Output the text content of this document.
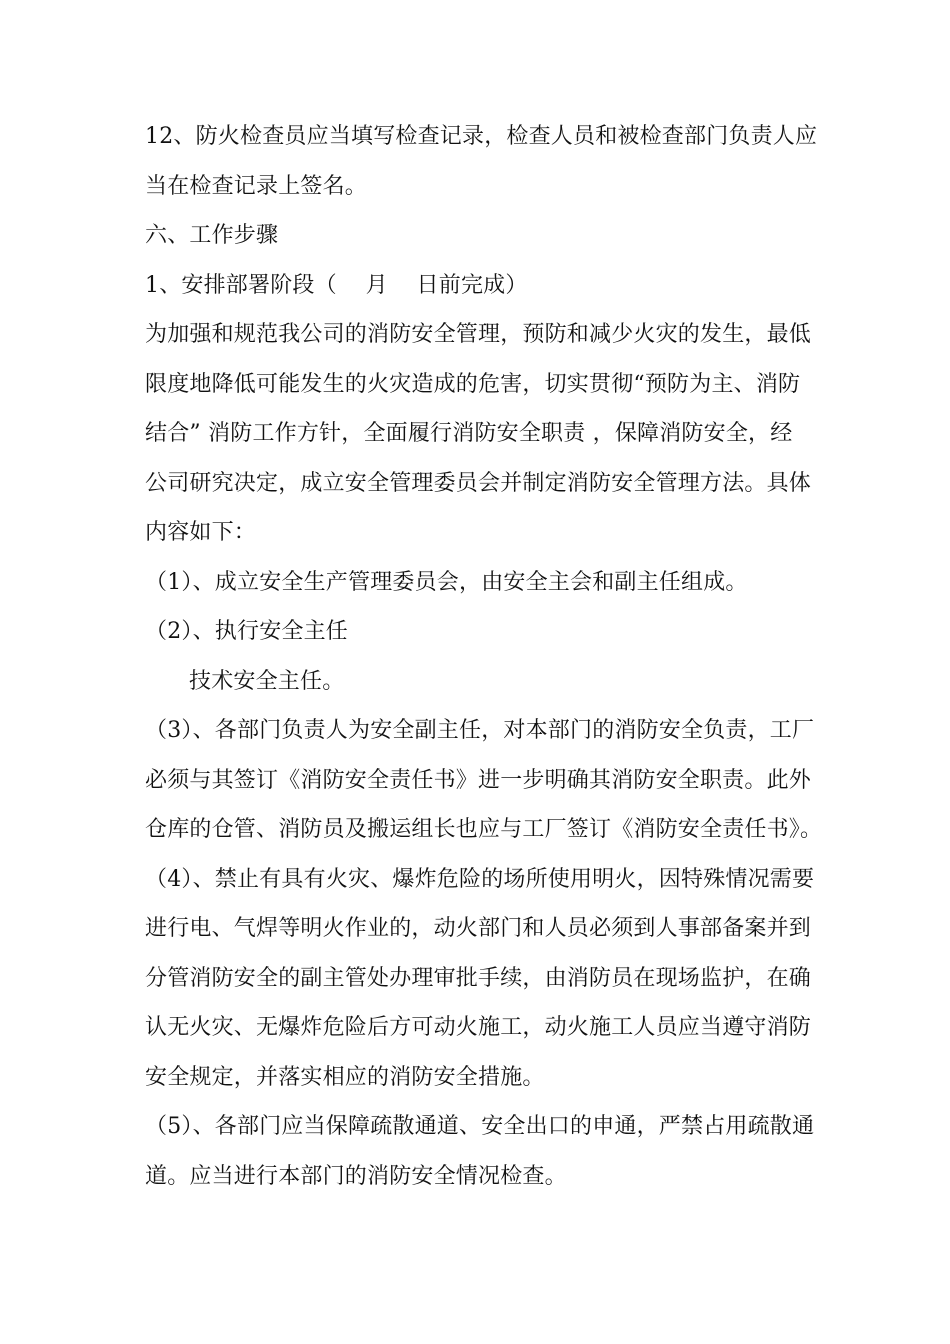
12、防火检查员应当填写检查记录，检查人员和被检查部门负责人应
当在检查记录上签名。
六、工作步骤
1、安排部署阶段（    月    日前完成）
为加强和规范我公司的消防安全管理，预防和减少火灾的发生，最低
限度地降低可能发生的火灾造成的危害，切实贯彻“预防为主、消防
结合” 消防工作方针，全面履行消防安全职责 ，保障消防安全，经
公司研究决定，成立安全管理委员会并制定消防安全管理方法。具体
内容如下：
（1）、成立安全生产管理委员会，由安全主会和副主任组成。
（2）、执行安全主任
技术安全主任。
（3）、各部门负责人为安全副主任，对本部门的消防安全负责，工厂
必须与其签订《消防安全责任书》进一步明确其消防安全职责。此外
仓库的仓管、消防员及搬运组长也应与工厂签订《消防安全责任书》。
（4）、禁止有具有火灾、爆炸危险的场所使用明火，因特殊情况需要
进行电、气焊等明火作业的，动火部门和人员必须到人事部备案并到
分管消防安全的副主管处办理审批手续，由消防员在现场监护，在确
认无火灾、无爆炸危险后方可动火施工，动火施工人员应当遵守消防
安全规定，并落实相应的消防安全措施。
（5）、各部门应当保障疏散通道、安全出口的申通，严禁占用疏散通
道。应当进行本部门的消防安全情况检查。
